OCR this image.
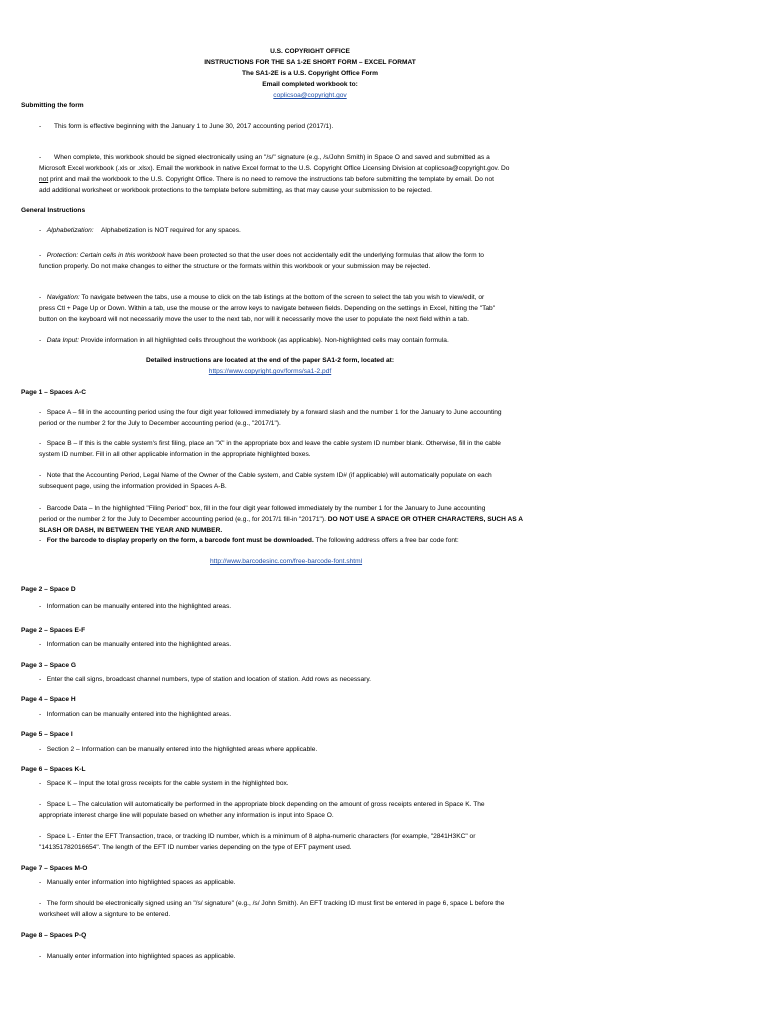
U.S. COPYRIGHT OFFICE
INSTRUCTIONS FOR THE SA 1-2E SHORT FORM – EXCEL FORMAT
The SA1-2E is a U.S. Copyright Office Form
Email completed workbook to:
coplicsoa@copyright.gov
Submitting the form
- This form is effective beginning with the January 1 to June 30, 2017 accounting period (2017/1).
- When complete, this workbook should be signed electronically using an "/s/" signature (e.g., /s/John Smith) in Space O and saved and submitted as a
Microsoft Excel workbook (.xls or .xlsx). Email the workbook in native Excel format to the U.S. Copyright Office Licensing Division at coplicsoa@copyright.gov. Do
not print and mail the workbook to the U.S. Copyright Office. There is no need to remove the instructions tab before submitting the template by email. Do not
add additional worksheet or workbook protections to the template before submitting, as that may cause your submission to be rejected.
General Instructions
- Alphabetization: Alphabetization is NOT required for any spaces.
- Protection: Certain cells in this workbook have been protected so that the user does not accidentally edit the underlying formulas that allow the form to
function properly. Do not make changes to either the structure or the formats within this workbook or your submission may be rejected.
- Navigation: To navigate between the tabs, use a mouse to click on the tab listings at the bottom of the screen to select the tab you wish to view/edit, or
press Ctl + Page Up or Down. Within a tab, use the mouse or the arrow keys to navigate between fields. Depending on the settings in Excel, hitting the "Tab"
button on the keyboard will not necessarily move the user to the next tab, nor will it necessarily move the user to populate the next field within a tab.
- Data Input: Provide information in all highlighted cells throughout the workbook (as applicable). Non-highlighted cells may contain formula.
Detailed instructions are located at the end of the paper SA1-2 form, located at:
https://www.copyright.gov/forms/sa1-2.pdf
Page 1 – Spaces A-C
- Space A – fill in the accounting period using the four digit year followed immediately by a forward slash and the number 1 for the January to June accounting
period or the number 2 for the July to December accounting period (e.g., "2017/1").
- Space B – If this is the cable system's first filing, place an "X" in the appropriate box and leave the cable system ID number blank. Otherwise, fill in the cable
system ID number. Fill in all other applicable information in the appropriate highlighted boxes.
- Note that the Accounting Period, Legal Name of the Owner of the Cable system, and Cable system ID# (if applicable) will automatically populate on each
subsequent page, using the information provided in Spaces A-B.
- Barcode Data – In the highlighted "Filing Period" box, fill in the four digit year followed immediately by the number 1 for the January to June accounting
period or the number 2 for the July to December accounting period (e.g., for 2017/1 fill-in "20171"). DO NOT USE A SPACE OR OTHER CHARACTERS, SUCH AS A
SLASH OR DASH, IN BETWEEN THE YEAR AND NUMBER.
- For the barcode to display properly on the form, a barcode font must be downloaded. The following address offers a free bar code font:
http://www.barcodesinc.com/free-barcode-font.shtml
Page 2 – Space D
- Information can be manually entered into the highlighted areas.
Page 2 – Spaces E-F
- Information can be manually entered into the highlighted areas.
Page 3 – Space G
- Enter the call signs, broadcast channel numbers, type of station and location of station. Add rows as necessary.
Page 4 – Space H
- Information can be manually entered into the highlighted areas.
Page 5 – Space I
- Section 2 – Information can be manually entered into the highlighted areas where applicable.
Page 6 – Spaces K-L
- Space K – Input the total gross receipts for the cable system in the highlighted box.
- Space L – The calculation will automatically be performed in the appropriate block depending on the amount of gross receipts entered in Space K. The
appropriate interest charge line will populate based on whether any information is input into Space O.
- Space L - Enter the EFT Transaction, trace, or tracking ID number, which is a minimum of 8 alpha-numeric characters (for example, "2841H3KC" or
"141351782016654". The length of the EFT ID number varies depending on the type of EFT payment used.
Page 7 – Spaces M-O
- Manually enter information into highlighted spaces as applicable.
- The form should be electronically signed using an "/s/ signature" (e.g., /s/ John Smith). An EFT tracking ID must first be entered in page 6, space L before the
worksheet will allow a signture to be entered.
Page 8 – Spaces P-Q
- Manually enter information into highlighted spaces as applicable.
